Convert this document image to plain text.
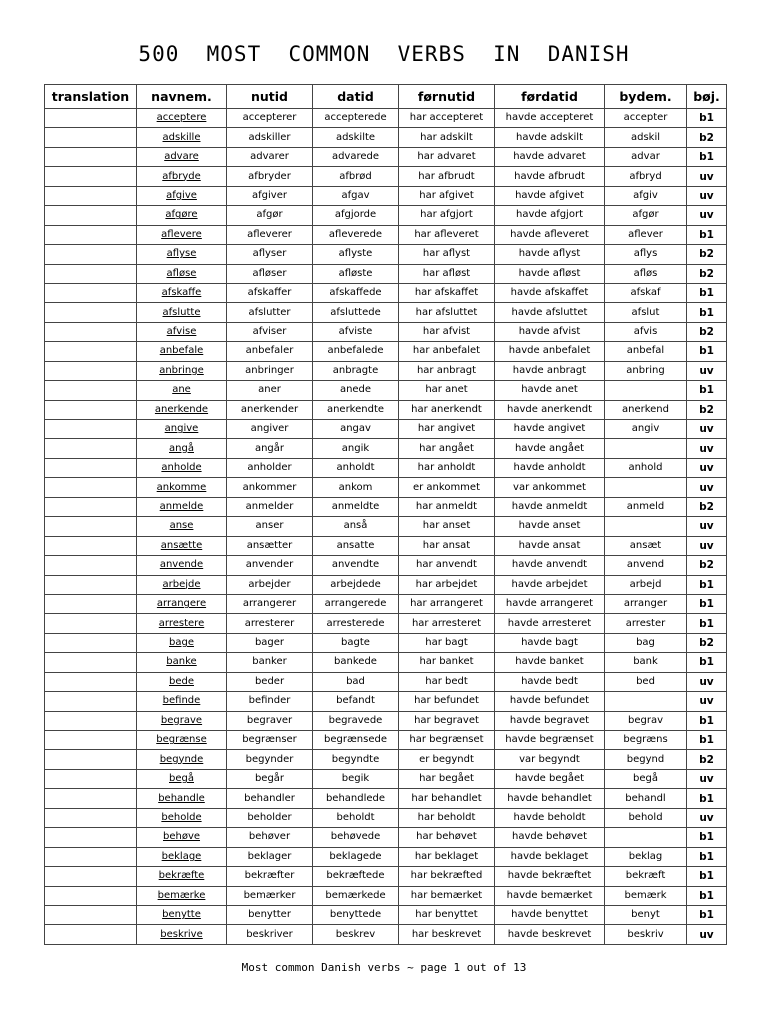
500  MOST  COMMON  VERBS  IN  DANISH
translation	navnem.	nutid	datid	førnutid	førdatid	bydem.	bøj.
	acceptere	accepterer	accepterede	har accepteret	havde accepteret	accepter	b1
	adskille	adskiller	adskilte	har adskilt	havde adskilt	adskil	b2
	advare	advarer	advarede	har advaret	havde advaret	advar	b1
	afbryde	afbryder	afbrød	har afbrudt	havde afbrudt	afbryd	uv
	afgive	afgiver	afgav	har afgivet	havde afgivet	afgiv	uv
	afgøre	afgør	afgjorde	har afgjort	havde afgjort	afgør	uv
	aflevere	afleverer	afleverede	har afleveret	havde afleveret	aflever	b1
	aflyse	aflyser	aflyste	har aflyst	havde aflyst	aflys	b2
	afløse	afløser	afløste	har afløst	havde afløst	afløs	b2
	afskaffe	afskaffer	afskaffede	har afskaffet	havde afskaffet	afskaf	b1
	afslutte	afslutter	afsluttede	har afsluttet	havde afsluttet	afslut	b1
	afvise	afviser	afviste	har afvist	havde afvist	afvis	b2
	anbefale	anbefaler	anbefalede	har anbefalet	havde anbefalet	anbefal	b1
	anbringe	anbringer	anbragte	har anbragt	havde anbragt	anbring	uv
	ane	aner	anede	har anet	havde anet		b1
	anerkende	anerkender	anerkendte	har anerkendt	havde anerkendt	anerkend	b2
	angive	angiver	angav	har angivet	havde angivet	angiv	uv
	angå	angår	angik	har angået	havde angået		uv
	anholde	anholder	anholdt	har anholdt	havde anholdt	anhold	uv
	ankomme	ankommer	ankom	er ankommet	var ankommet		uv
	anmelde	anmelder	anmeldte	har anmeldt	havde anmeldt	anmeld	b2
	anse	anser	anså	har anset	havde anset		uv
	ansætte	ansætter	ansatte	har ansat	havde ansat	ansæt	uv
	anvende	anvender	anvendte	har anvendt	havde anvendt	anvend	b2
	arbejde	arbejder	arbejdede	har arbejdet	havde arbejdet	arbejd	b1
	arrangere	arrangerer	arrangerede	har arrangeret	havde arrangeret	arranger	b1
	arrestere	arresterer	arresterede	har arresteret	havde arresteret	arrester	b1
	bage	bager	bagte	har bagt	havde bagt	bag	b2
	banke	banker	bankede	har banket	havde banket	bank	b1
	bede	beder	bad	har bedt	havde bedt	bed	uv
	befinde	befinder	befandt	har befundet	havde befundet		uv
	begrave	begraver	begravede	har begravet	havde begravet	begrav	b1
	begrænse	begrænser	begrænsede	har begrænset	havde begrænset	begræns	b1
	begynde	begynder	begyndte	er begyndt	var begyndt	begynd	b2
	begå	begår	begik	har begået	havde begået	begå	uv
	behandle	behandler	behandlede	har behandlet	havde behandlet	behandl	b1
	beholde	beholder	beholdt	har beholdt	havde beholdt	behold	uv
	behøve	behøver	behøvede	har behøvet	havde behøvet		b1
	beklage	beklager	beklagede	har beklaget	havde beklaget	beklag	b1
	bekræfte	bekræfter	bekræftede	har bekræfted	havde bekræftet	bekræft	b1
	bemærke	bemærker	bemærkede	har bemærket	havde bemærket	bemærk	b1
	benytte	benytter	benyttede	har benyttet	havde benyttet	benyt	b1
	beskrive	beskriver	beskrev	har beskrevet	havde beskrevet	beskriv	uv
Most common Danish verbs ~ page 1 out of 13
